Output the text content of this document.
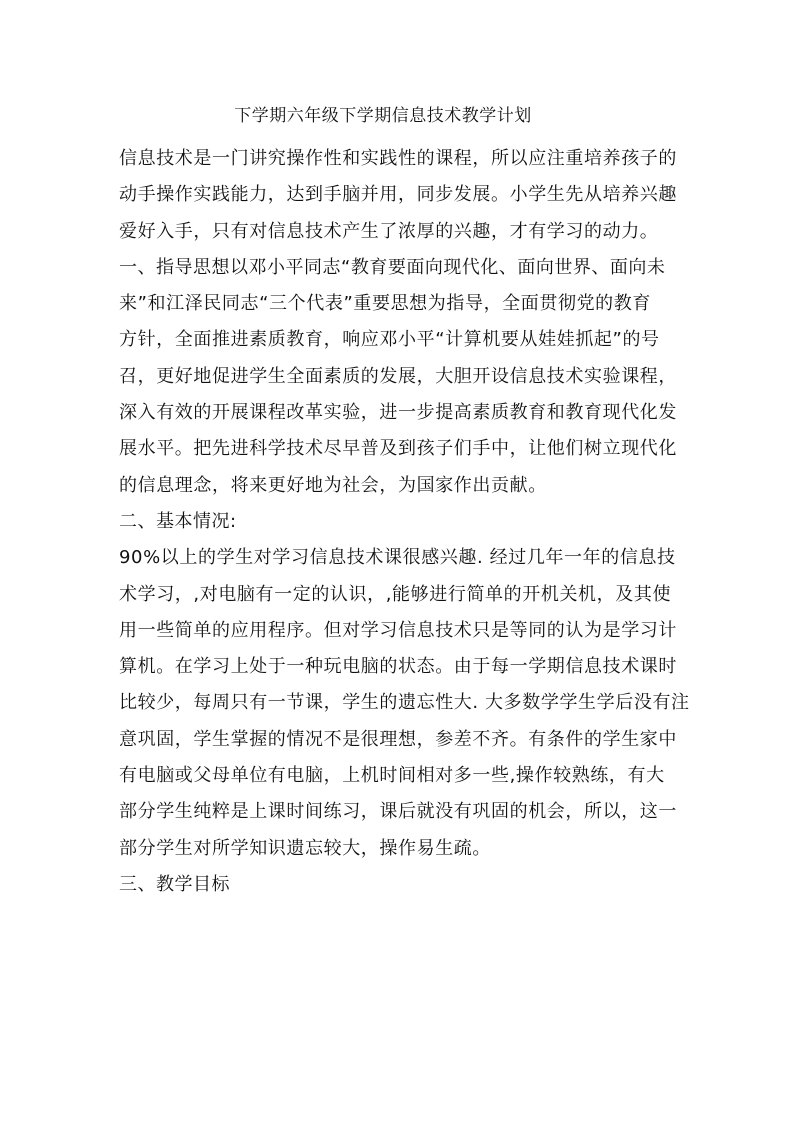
下学期六年级下学期信息技术教学计划
信息技术是一门讲究操作性和实践性的课程，所以应注重培养孩子的
动手操作实践能力，达到手脑并用，同步发展。小学生先从培养兴趣
爱好入手，只有对信息技术产生了浓厚的兴趣，才有学习的动力。
一、指导思想以邓小平同志“教育要面向现代化、面向世界、面向未
来”和江泽民同志“三个代表”重要思想为指导，全面贯彻党的教育
方针，全面推进素质教育，响应邓小平“计算机要从娃娃抓起”的号
召，更好地促进学生全面素质的发展，大胆开设信息技术实验课程，
深入有效的开展课程改革实验，进一步提高素质教育和教育现代化发
展水平。把先进科学技术尽早普及到孩子们手中，让他们树立现代化
的信息理念，将来更好地为社会，为国家作出贡献。
二、基本情况:
90%以上的学生对学习信息技术课很感兴趣. 经过几年一年的信息技
术学习，,对电脑有一定的认识，,能够进行简单的开机关机，及其使
用一些简单的应用程序。但对学习信息技术只是等同的认为是学习计
算机。在学习上处于一种玩电脑的状态。由于每一学期信息技术课时
比较少，每周只有一节课，学生的遗忘性大. 大多数学学生学后没有注
意巩固，学生掌握的情况不是很理想，参差不齐。有条件的学生家中
有电脑或父母单位有电脑，上机时间相对多一些,操作较熟练，有大
部分学生纯粹是上课时间练习，课后就没有巩固的机会，所以，这一
部分学生对所学知识遗忘较大，操作易生疏。
三、教学目标
